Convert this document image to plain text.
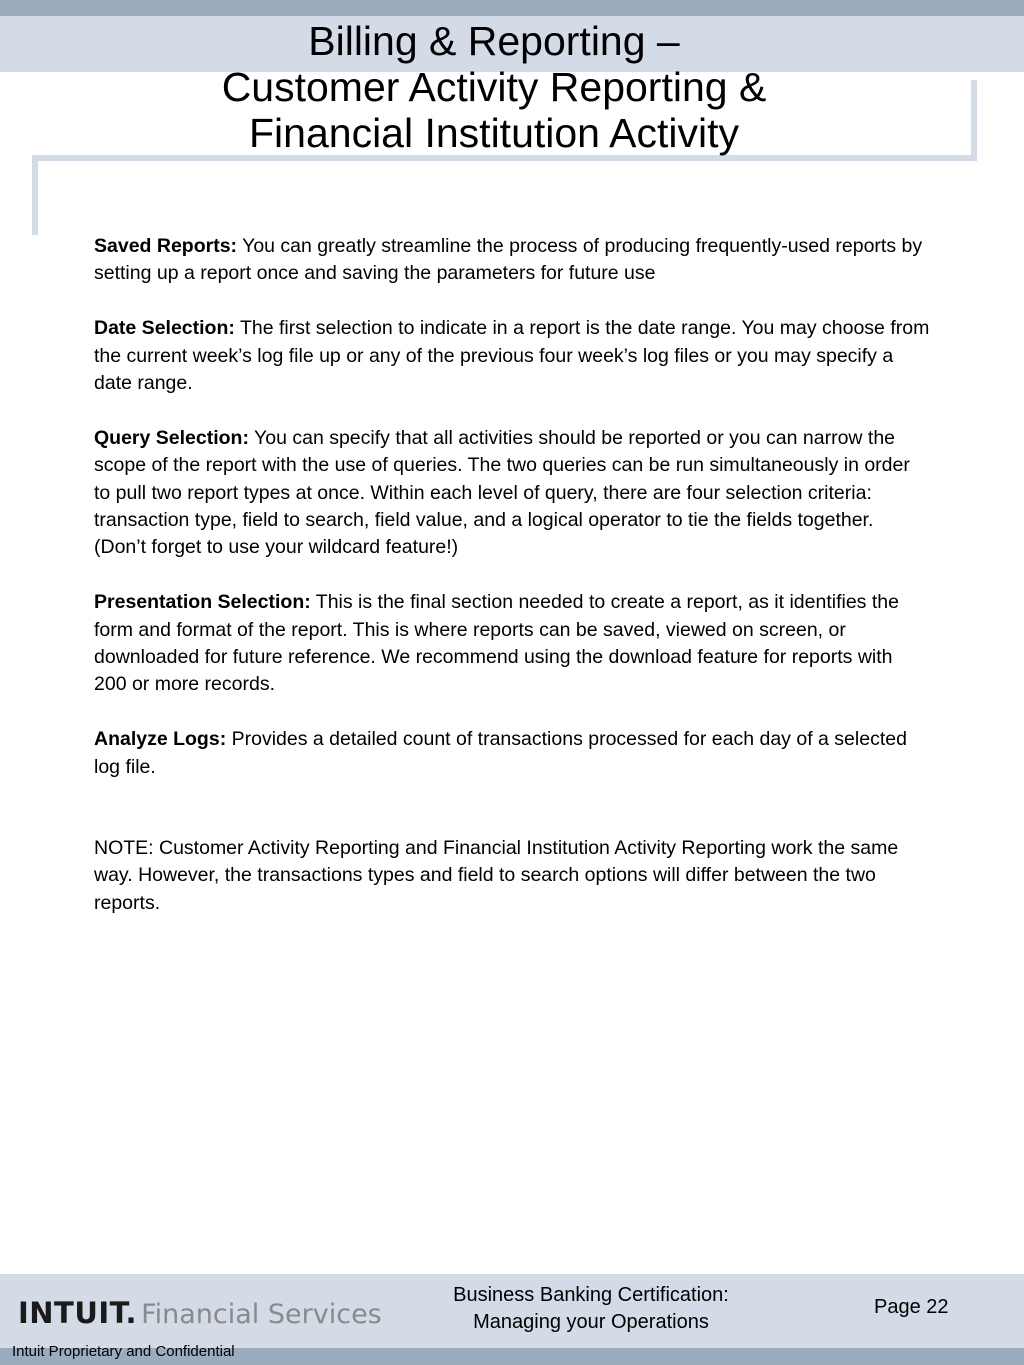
Billing & Reporting –
Customer Activity Reporting &
Financial Institution Activity

Saved Reports: You can greatly streamline the process of producing frequently-used reports by setting up a report once and saving the parameters for future use

Date Selection: The first selection to indicate in a report is the date range. You may choose from the current week’s log file up or any of the previous four week’s log files or you may specify a date range.

Query Selection: You can specify that all activities should be reported or you can narrow the scope of the report with the use of queries. The two queries can be run simultaneously in order to pull two report types at once. Within each level of query, there are four selection criteria: transaction type, field to search, field value, and a logical operator to tie the fields together. (Don’t forget to use your wildcard feature!)

Presentation Selection: This is the final section needed to create a report, as it identifies the form and format of the report. This is where reports can be saved, viewed on screen, or downloaded for future reference. We recommend using the download feature for reports with 200 or more records.

Analyze Logs: Provides a detailed count of transactions processed for each day of a selected log file.

NOTE: Customer Activity Reporting and Financial Institution Activity Reporting work the same way. However, the transactions types and field to search options will differ between the two reports.

INTUIT. Financial Services
Business Banking Certification:
Managing your Operations
Page 22
Intuit Proprietary and Confidential
